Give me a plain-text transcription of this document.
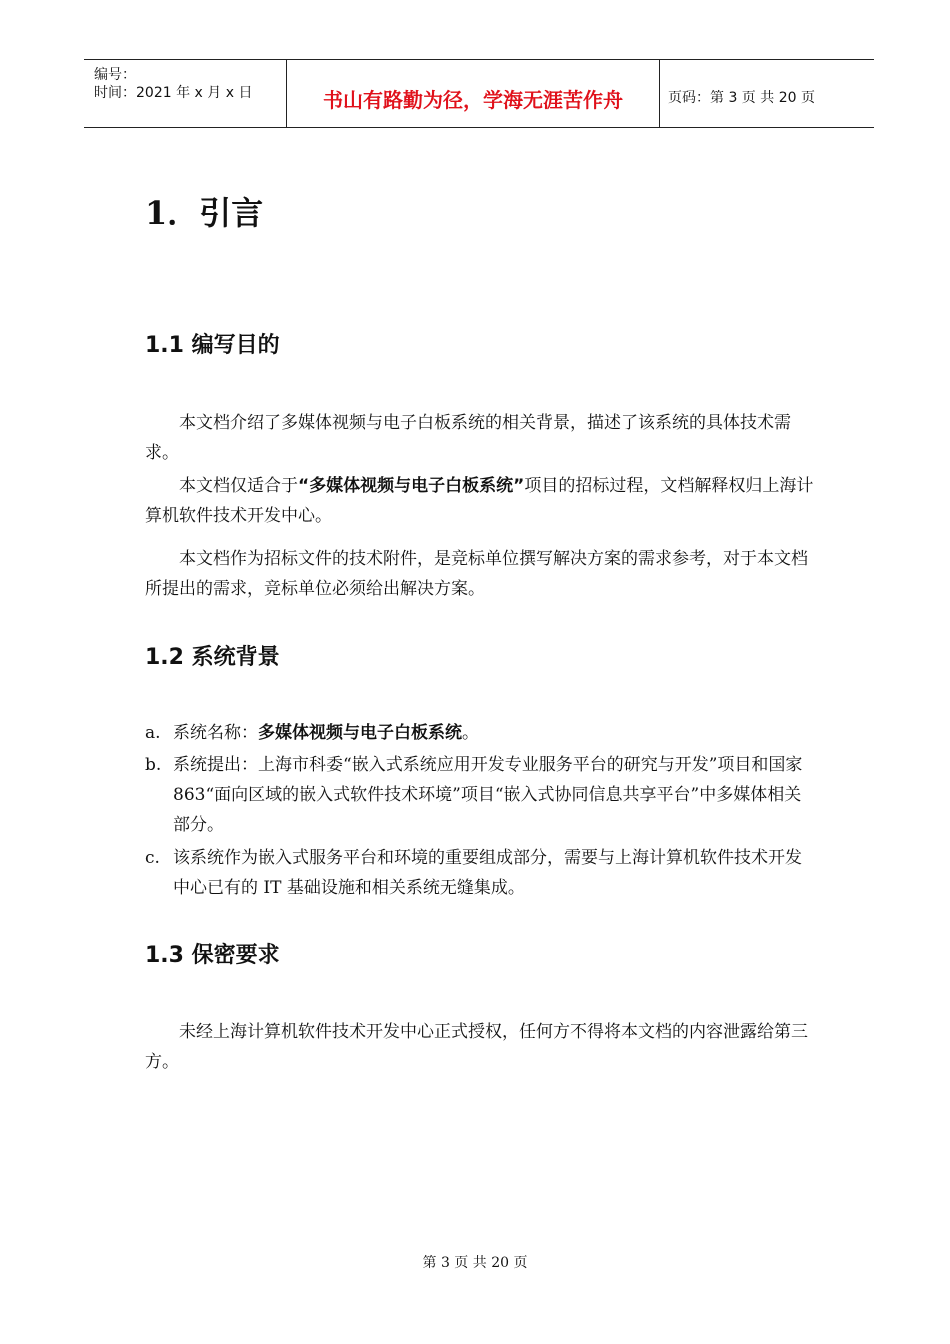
编号：
时间：2021 年 x 月 x 日	书山有路勤为径，学海无涯苦作舟	页码：第 3 页 共 20 页
1．引言
1.1 编写目的
本文档介绍了多媒体视频与电子白板系统的相关背景，描述了该系统的具体技术需求。
本文档仅适合于“多媒体视频与电子白板系统”项目的招标过程，文档解释权归上海计算机软件技术开发中心。
本文档作为招标文件的技术附件，是竞标单位撰写解决方案的需求参考，对于本文档所提出的需求，竞标单位必须给出解决方案。
1.2 系统背景
a. 系统名称：多媒体视频与电子白板系统。
b. 系统提出：上海市科委“嵌入式系统应用开发专业服务平台的研究与开发”项目和国家 863“面向区域的嵌入式软件技术环境”项目“嵌入式协同信息共享平台”中多媒体相关部分。
c. 该系统作为嵌入式服务平台和环境的重要组成部分，需要与上海计算机软件技术开发中心已有的 IT 基础设施和相关系统无缝集成。
1.3 保密要求
未经上海计算机软件技术开发中心正式授权，任何方不得将本文档的内容泄露给第三方。
第 3 页 共 20 页
